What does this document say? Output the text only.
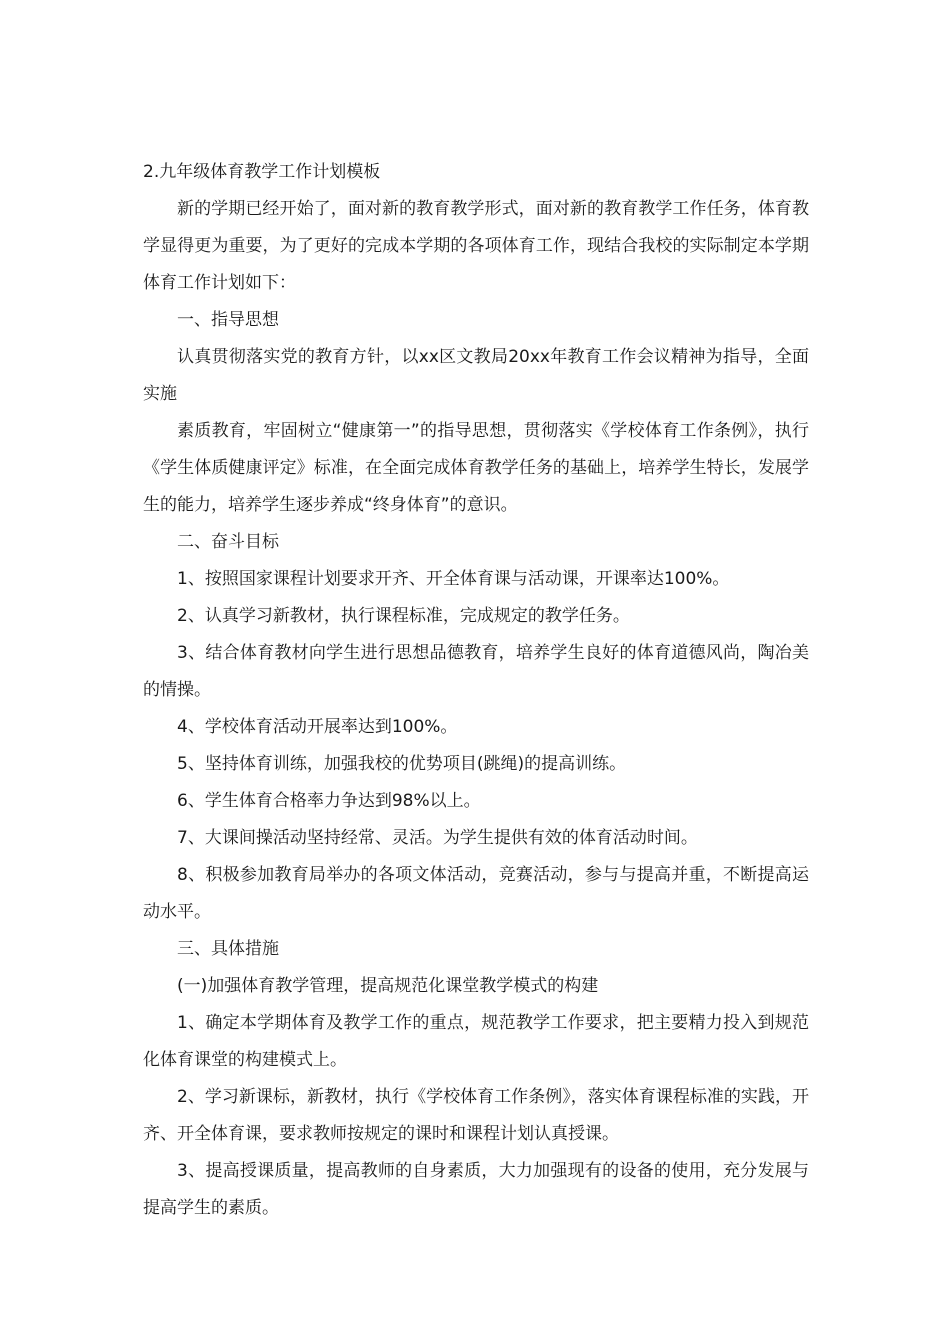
2.九年级体育教学工作计划模板

新的学期已经开始了，面对新的教育教学形式，面对新的教育教学工作任务，体育教学显得更为重要，为了更好的完成本学期的各项体育工作，现结合我校的实际制定本学期体育工作计划如下：

一、指导思想

认真贯彻落实党的教育方针，以xx区文教局20xx年教育工作会议精神为指导，全面实施

素质教育，牢固树立“健康第一”的指导思想，贯彻落实《学校体育工作条例》，执行《学生体质健康评定》标准，在全面完成体育教学任务的基础上，培养学生特长，发展学生的能力，培养学生逐步养成“终身体育”的意识。

二、奋斗目标

1、按照国家课程计划要求开齐、开全体育课与活动课，开课率达100%。

2、认真学习新教材，执行课程标准，完成规定的教学任务。

3、结合体育教材向学生进行思想品德教育，培养学生良好的体育道德风尚，陶冶美的情操。

4、学校体育活动开展率达到100%。

5、坚持体育训练，加强我校的优势项目(跳绳)的提高训练。

6、学生体育合格率力争达到98%以上。

7、大课间操活动坚持经常、灵活。为学生提供有效的体育活动时间。

8、积极参加教育局举办的各项文体活动，竞赛活动，参与与提高并重，不断提高运动水平。

三、具体措施

(一)加强体育教学管理，提高规范化课堂教学模式的构建

1、确定本学期体育及教学工作的重点，规范教学工作要求，把主要精力投入到规范化体育课堂的构建模式上。

2、学习新课标，新教材，执行《学校体育工作条例》，落实体育课程标准的实践，开齐、开全体育课，要求教师按规定的课时和课程计划认真授课。

3、提高授课质量，提高教师的自身素质，大力加强现有的设备的使用，充分发展与提高学生的素质。
